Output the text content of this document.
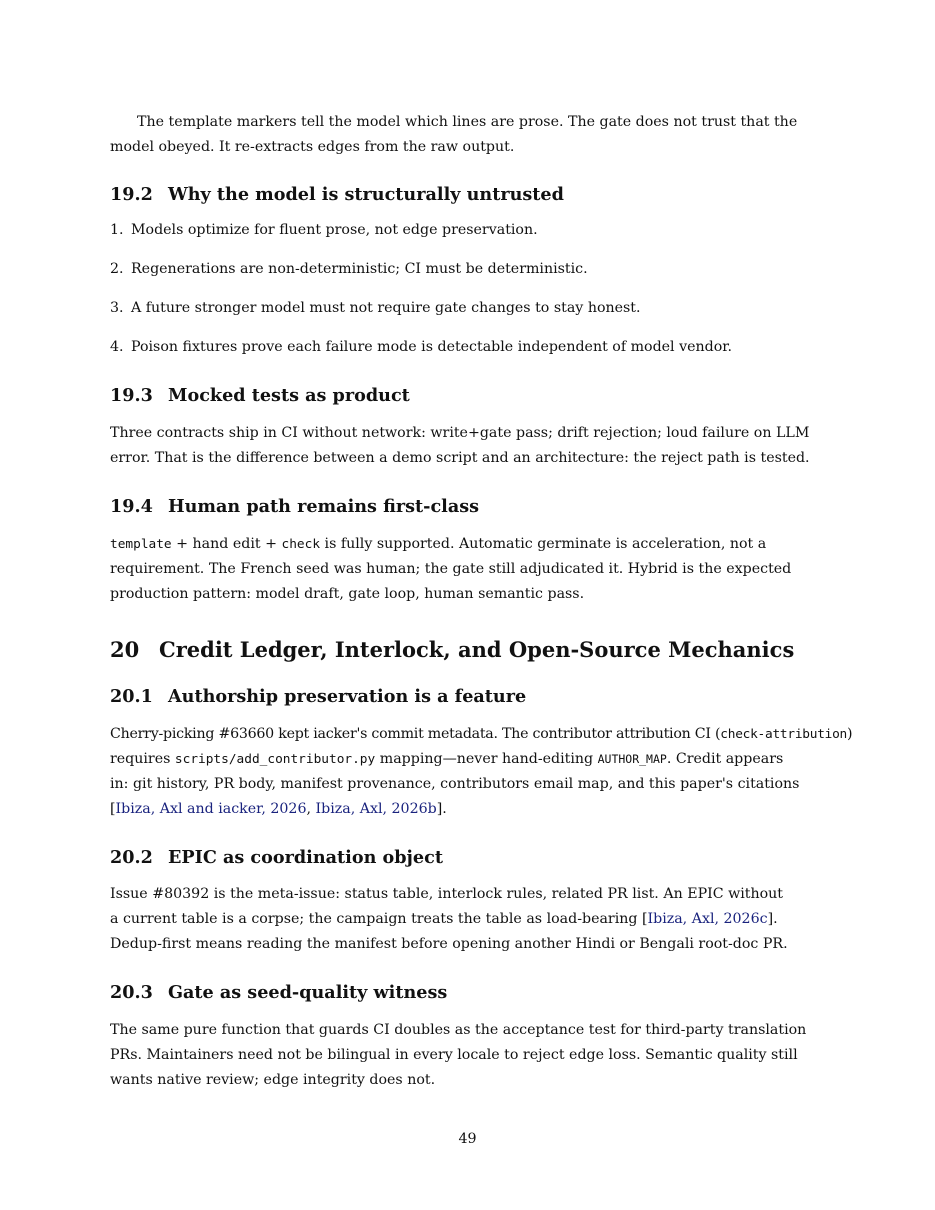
The template markers tell the model which lines are prose. The gate does not trust that the
model obeyed. It re-extracts edges from the raw output.

19.2 Why the model is structurally untrusted
1. Models optimize for fluent prose, not edge preservation.
2. Regenerations are non-deterministic; CI must be deterministic.
3. A future stronger model must not require gate changes to stay honest.
4. Poison fixtures prove each failure mode is detectable independent of model vendor.
19.3 Mocked tests as product

Three contracts ship in CI without network: write+gate pass; drift rejection; loud failure on LLM
error. That is the difference between a demo script and an architecture: the reject path is tested.

19.4 Human path remains first-class

template + hand edit + check is fully supported. Automatic germinate is acceleration, not a
requirement. The French seed was human; the gate still adjudicated it. Hybrid is the expected
production pattern: model draft, gate loop, human semantic pass.

20 Credit Ledger, Interlock, and Open-Source Mechanics
20.1 Authorship preservation is a feature

Cherry-picking #63660 kept iacker's commit metadata. The contributor attribution CI (check-attribution)
requires scripts/add_contributor.py mapping—never hand-editing AUTHOR_MAP. Credit appears
in: git history, PR body, manifest provenance, contributors email map, and this paper's citations
[Ibiza, Axl and iacker, 2026, Ibiza, Axl, 2026b].

20.2 EPIC as coordination object

Issue #80392 is the meta-issue: status table, interlock rules, related PR list. An EPIC without
a current table is a corpse; the campaign treats the table as load-bearing [Ibiza, Axl, 2026c].
Dedup-first means reading the manifest before opening another Hindi or Bengali root-doc PR.

20.3 Gate as seed-quality witness

The same pure function that guards CI doubles as the acceptance test for third-party translation
PRs. Maintainers need not be bilingual in every locale to reject edge loss. Semantic quality still
wants native review; edge integrity does not.

49
